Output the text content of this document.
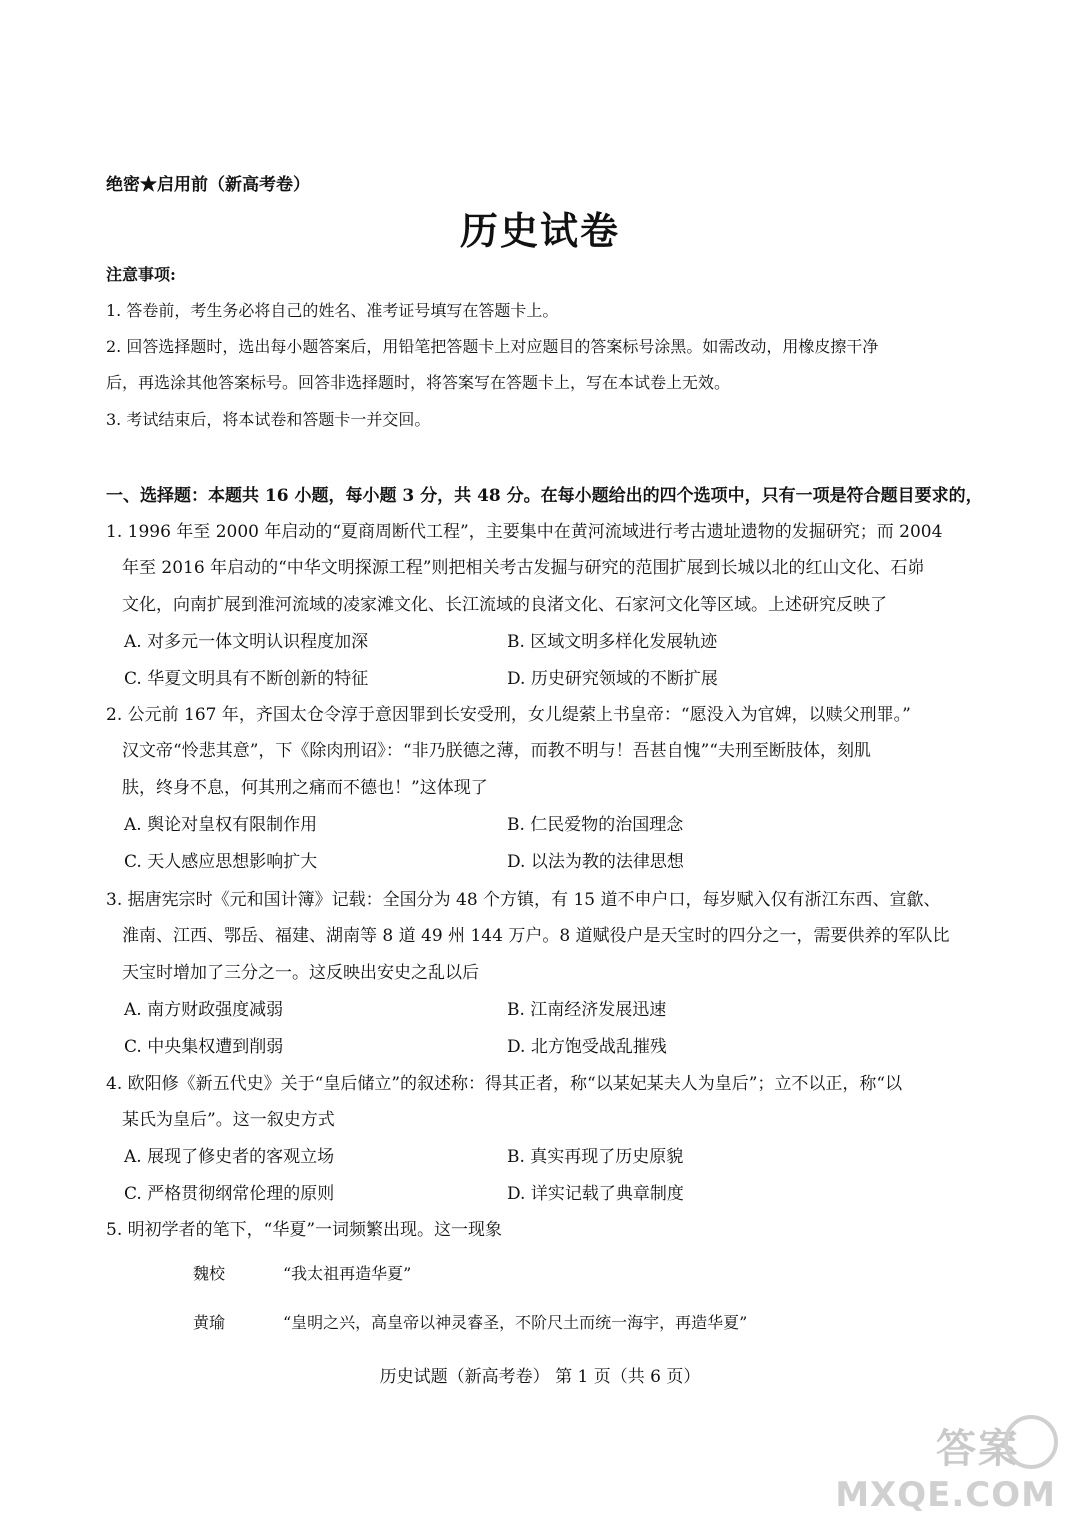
绝密★启用前（新高考卷）
历史试卷
注意事项:
1. 答卷前，考生务必将自己的姓名、准考证号填写在答题卡上。
2. 回答选择题时，选出每小题答案后，用铅笔把答题卡上对应题目的答案标号涂黑。如需改动，用橡皮擦干净
后，再选涂其他答案标号。回答非选择题时，将答案写在答题卡上，写在本试卷上无效。
3. 考试结束后，将本试卷和答题卡一并交回。
一、选择题：本题共 16 小题，每小题 3 分，共 48 分。在每小题给出的四个选项中，只有一项是符合题目要求的，
1. 1996 年至 2000 年启动的“夏商周断代工程”，主要集中在黄河流域进行考古遗址遗物的发掘研究；而 2004
年至 2016 年启动的“中华文明探源工程”则把相关考古发掘与研究的范围扩展到长城以北的红山文化、石峁
文化，向南扩展到淮河流域的凌家滩文化、长江流域的良渚文化、石家河文化等区域。上述研究反映了
A. 对多元一体文明认识程度加深	B. 区域文明多样化发展轨迹
C. 华夏文明具有不断创新的特征	D. 历史研究领域的不断扩展
2. 公元前 167 年，齐国太仓令淳于意因罪到长安受刑，女儿缇萦上书皇帝：“愿没入为官婢，以赎父刑罪。”
汉文帝“怜悲其意”，下《除肉刑诏》：“非乃朕德之薄，而教不明与！吾甚自愧”“夫刑至断肢体，刻肌
肤，终身不息，何其刑之痛而不德也！”这体现了
A. 舆论对皇权有限制作用	B. 仁民爱物的治国理念
C. 天人感应思想影响扩大	D. 以法为教的法律思想
3. 据唐宪宗时《元和国计簿》记载：全国分为 48 个方镇，有 15 道不申户口，每岁赋入仅有浙江东西、宣歙、
淮南、江西、鄂岳、福建、湖南等 8 道 49 州 144 万户。8 道赋役户是天宝时的四分之一，需要供养的军队比
天宝时增加了三分之一。这反映出安史之乱以后
A. 南方财政强度减弱	B. 江南经济发展迅速
C. 中央集权遭到削弱	D. 北方饱受战乱摧残
4. 欧阳修《新五代史》关于“皇后储立”的叙述称：得其正者，称“以某妃某夫人为皇后”；立不以正，称“以
某氏为皇后”。这一叙史方式
A. 展现了修史者的客观立场	B. 真实再现了历史原貌
C. 严格贯彻纲常伦理的原则	D. 详实记载了典章制度
5. 明初学者的笔下，“华夏”一词频繁出现。这一现象
魏校	“我太祖再造华夏”
黄瑜	“皇明之兴，高皇帝以神灵睿圣，不阶尺土而统一海宇，再造华夏”
历史试题（新高考卷） 第 1 页（共 6 页）
答案
MXQE.COM
